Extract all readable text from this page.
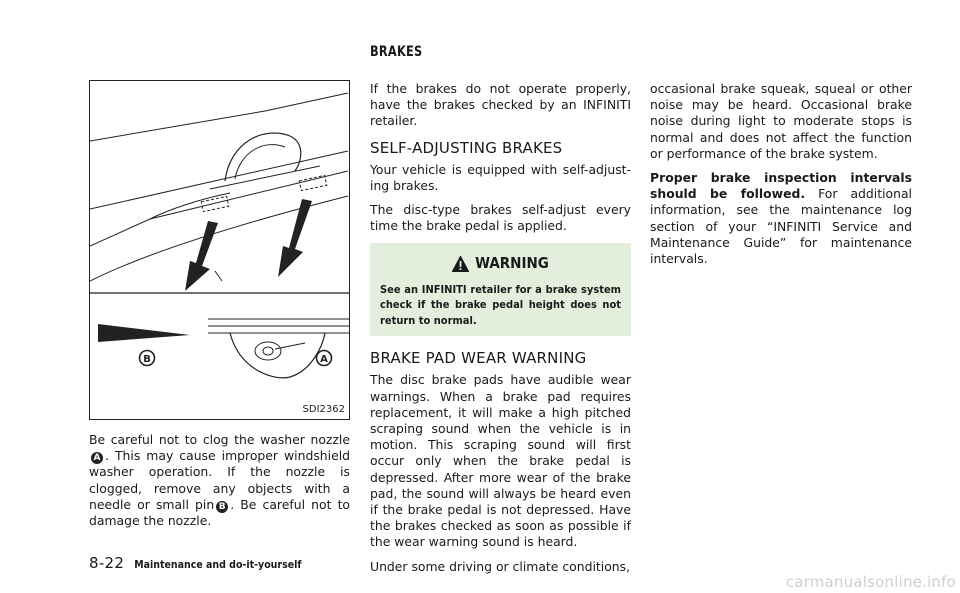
BRAKES
B	A
SDI2362

Be careful not to clog the washer nozzleA . This may cause improper windshield washer operation. If the nozzle is clogged, remove any objects with a needle or small pin B . Be careful not to damage the nozzle.

If the brakes do not operate properly, have the brakes checked by an INFINITI retailer.

SELF-ADJUSTING BRAKES

Your vehicle is equipped with self-adjust-ing brakes.

The disc-type brakes self-adjust every time the brake pedal is applied.

WARNING
See an INFINITI retailer for a brake system check if the brake pedal height does not return to normal.
BRAKE PAD WEAR WARNING

The disc brake pads have audible wear warnings. When a brake pad requires replacement, it will make a high pitched scraping sound when the vehicle is in motion. This scraping sound will first occur only when the brake pedal is depressed. After more wear of the brake pad, the sound will always be heard even if the brake pedal is not depressed. Have the brakes checked as soon as possible if the wear warning sound is heard.

Under some driving or climate conditions,

occasional brake squeak, squeal or other noise may be heard. Occasional brake noise during light to moderate stops is normal and does not affect the function or performance of the brake system.

Proper brake inspection intervals should be followed. For additional information, see the maintenance log section of your “INFINITI Service and Maintenance Guide” for maintenance intervals.

8-22 Maintenance and do-it-yourself
carmanualsonline.info
